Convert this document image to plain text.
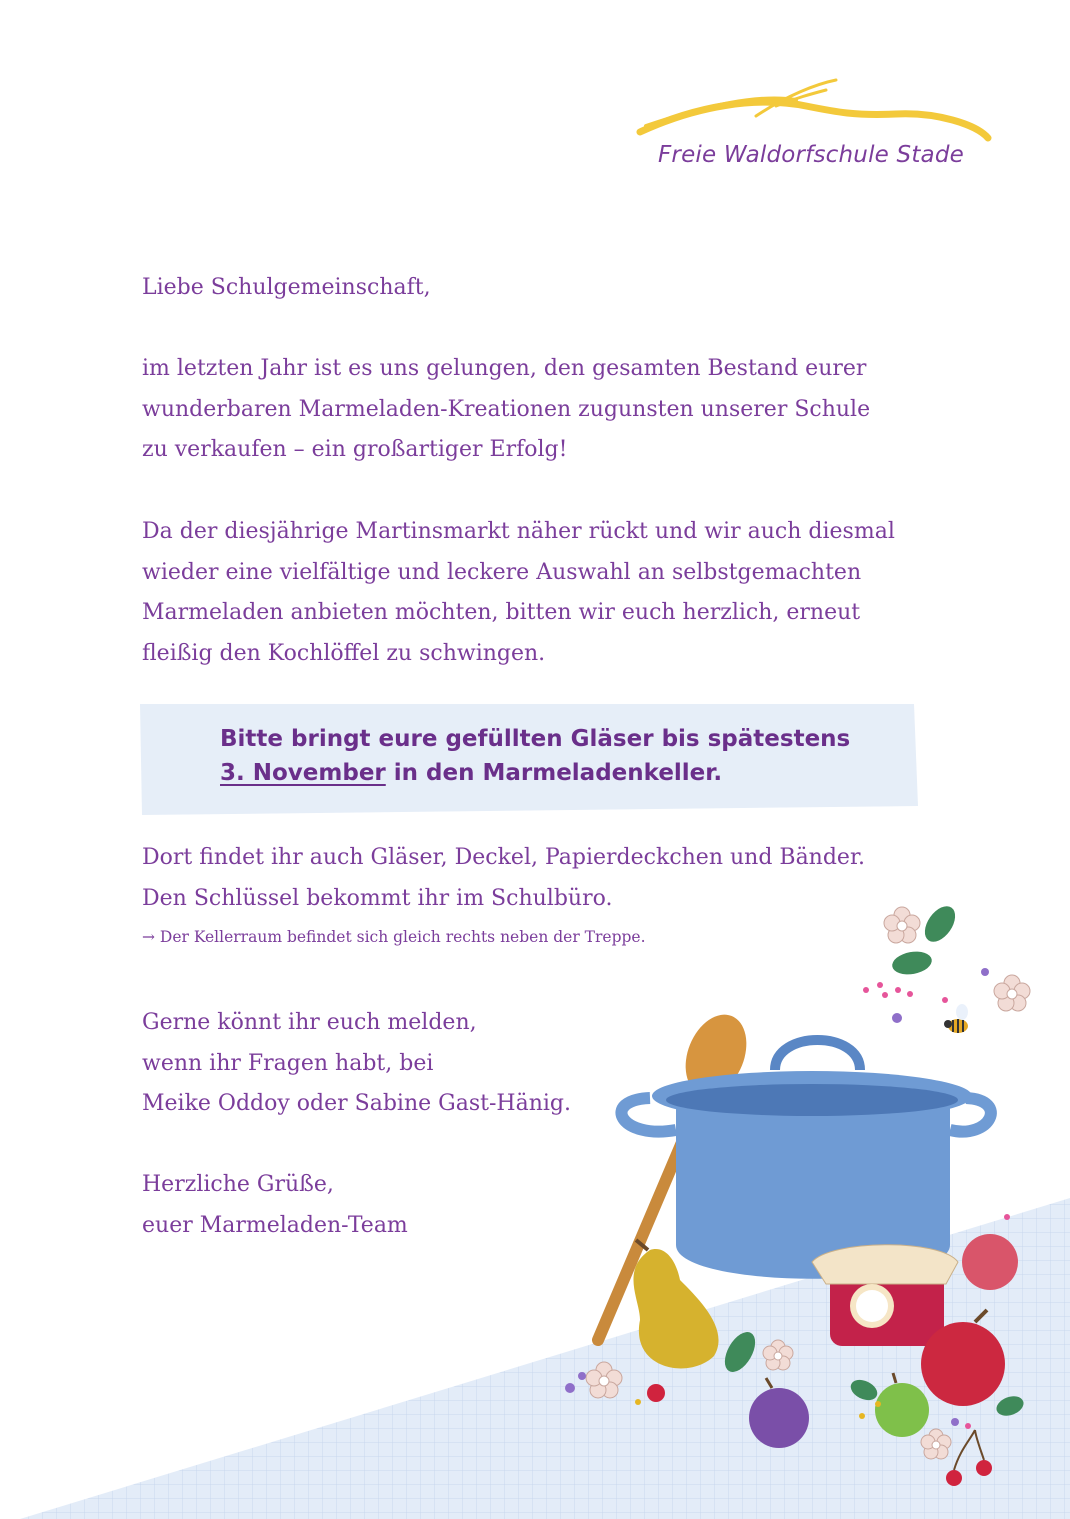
Freie Waldorfschule Stade
Liebe Schulgemeinschaft,

im letzten Jahr ist es uns gelungen, den gesamten Bestand eurer

wunderbaren Marmeladen-Kreationen zugunsten unserer Schule

zu verkaufen – ein großartiger Erfolg!

Da der diesjährige Martinsmarkt näher rückt und wir auch diesmal

wieder eine vielfältige und leckere Auswahl an selbstgemachten

Marmeladen anbieten möchten, bitten wir euch herzlich, erneut

fleißig den Kochlöffel zu schwingen.

Bitte bringt eure gefüllten Gläser bis spätestens
3. November in den Marmeladenkeller.

Dort findet ihr auch Gläser, Deckel, Papierdeckchen und Bänder.

Den Schlüssel bekommt ihr im Schulbüro.

→ Der Kellerraum befindet sich gleich rechts neben der Treppe.

Gerne könnt ihr euch melden,

wenn ihr Fragen habt, bei

Meike Oddoy oder Sabine Gast-Hänig.

Herzliche Grüße,

euer Marmeladen-Team
